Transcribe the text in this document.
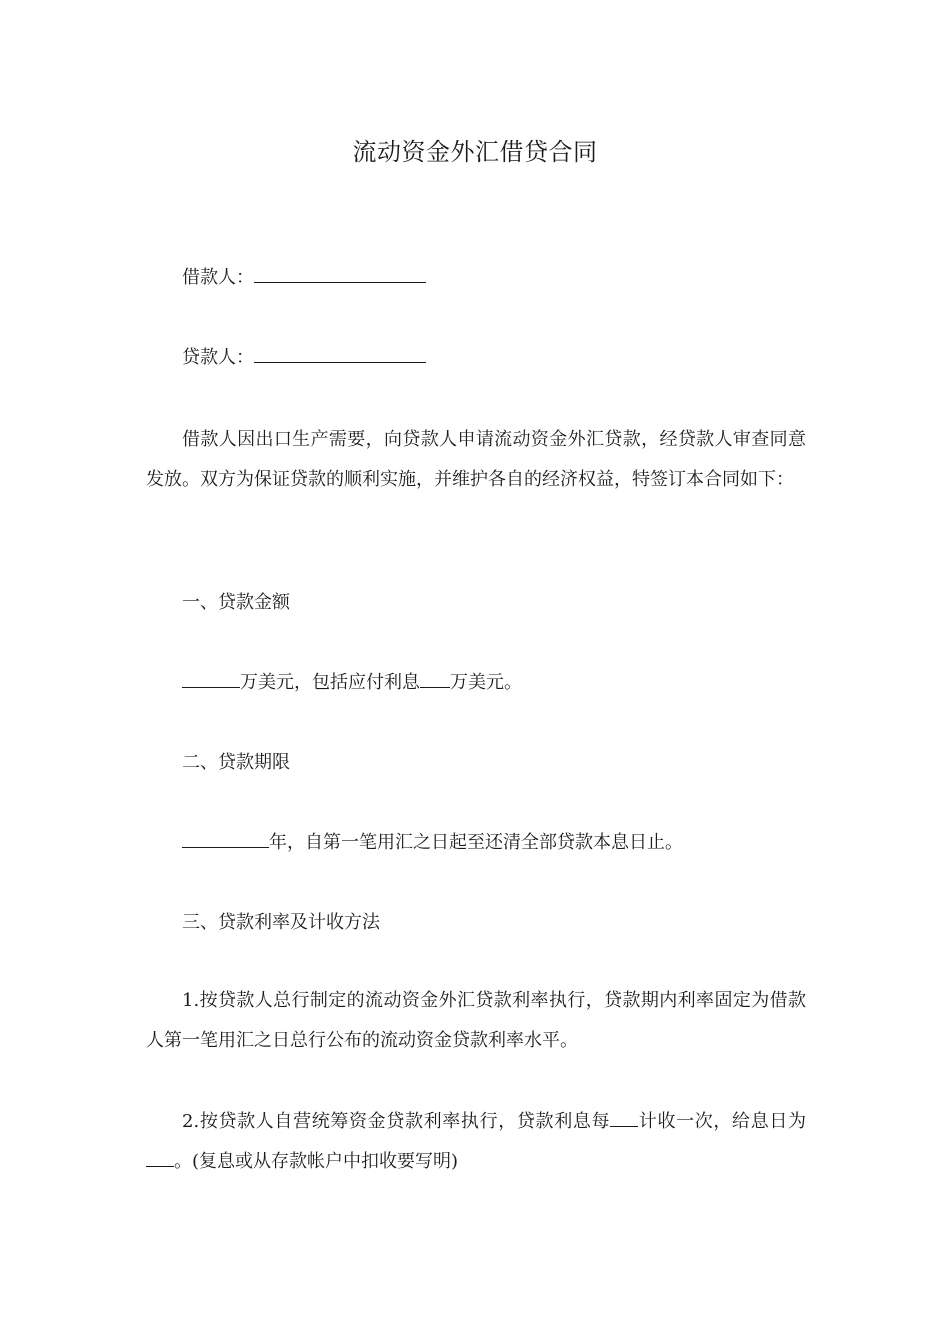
流动资金外汇借贷合同
借款人：
贷款人：
借款人因出口生产需要，向贷款人申请流动资金外汇贷款，经贷款人审查同意发放。双方为保证贷款的顺利实施，并维护各自的经济权益，特签订本合同如下：
一、贷款金额
万美元，包括应付利息 万美元。
二、贷款期限
年，自第一笔用汇之日起至还清全部贷款本息日止。
三、贷款利率及计收方法
1.按贷款人总行制定的流动资金外汇贷款利率执行，贷款期内利率固定为借款人第一笔用汇之日总行公布的流动资金贷款利率水平。
2.按贷款人自营统筹资金贷款利率执行，贷款利息每 计收一次，给息日为。(复息或从存款帐户中扣收要写明)
